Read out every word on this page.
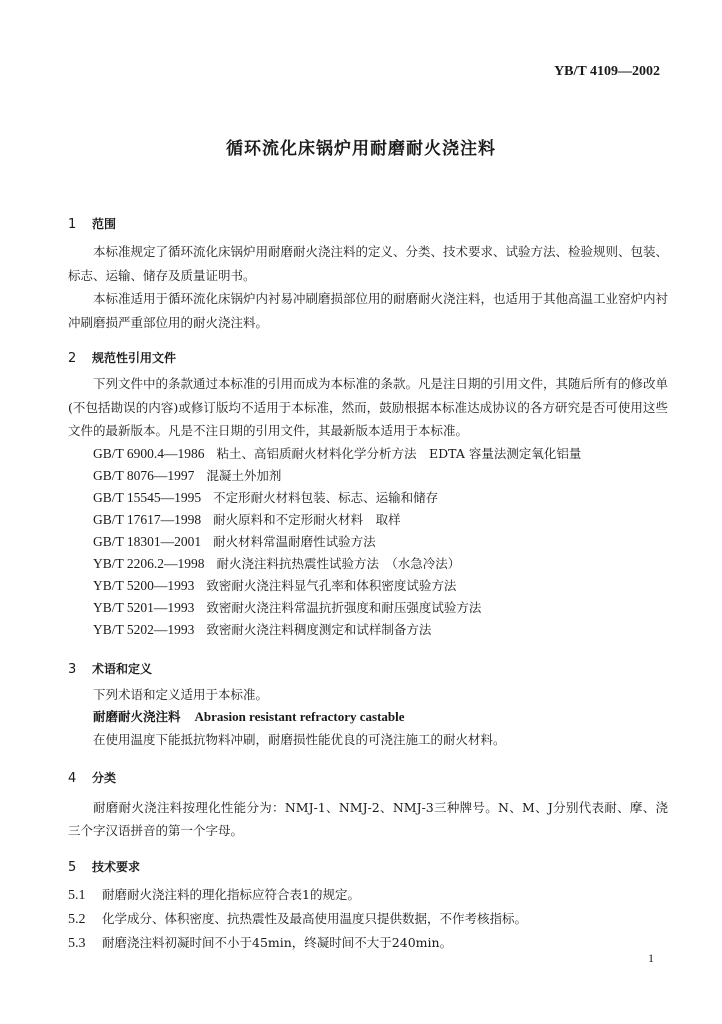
YB/T 4109—2002
循环流化床锅炉用耐磨耐火浇注料
1 范围

本标准规定了循环流化床锅炉用耐磨耐火浇注料的定义、分类、技术要求、试验方法、检验规则、包装、标志、运输、储存及质量证明书。

本标准适用于循环流化床锅炉内衬易冲刷磨损部位用的耐磨耐火浇注料，也适用于其他高温工业窑炉内衬冲刷磨损严重部位用的耐火浇注料。

2 规范性引用文件

下列文件中的条款通过本标准的引用而成为本标准的条款。凡是注日期的引用文件，其随后所有的修改单(不包括勘误的内容)或修订版均不适用于本标准，然而，鼓励根据本标准达成协议的各方研究是否可使用这些文件的最新版本。凡是不注日期的引用文件，其最新版本适用于本标准。

GB/T 6900.4—1986 粘土、高铝质耐火材料化学分析方法　EDTA 容量法测定氧化铝量
GB/T 8076—1997 混凝土外加剂
GB/T 15545—1995 不定形耐火材料包装、标志、运输和储存
GB/T 17617—1998 耐火原料和不定形耐火材料　取样
GB/T 18301—2001 耐火材料常温耐磨性试验方法
YB/T 2206.2—1998 耐火浇注料抗热震性试验方法　（水急冷法）
YB/T 5200—1993 致密耐火浇注料显气孔率和体积密度试验方法
YB/T 5201—1993 致密耐火浇注料常温抗折强度和耐压强度试验方法
YB/T 5202—1993 致密耐火浇注料稠度测定和试样制备方法
3 术语和定义

下列术语和定义适用于本标准。

耐磨耐火浇注料 Abrasion resistant refractory castable

在使用温度下能抵抗物料冲刷，耐磨损性能优良的可浇注施工的耐火材料。

4 分类

耐磨耐火浇注料按理化性能分为：NMJ-1、NMJ-2、NMJ-3三种牌号。N、M、J分别代表耐、摩、浇三个字汉语拼音的第一个字母。

5 技术要求
5.1 耐磨耐火浇注料的理化指标应符合表1的规定。
5.2 化学成分、体积密度、抗热震性及最高使用温度只提供数据，不作考核指标。
5.3 耐磨浇注料初凝时间不小于45min，终凝时间不大于240min。
1
